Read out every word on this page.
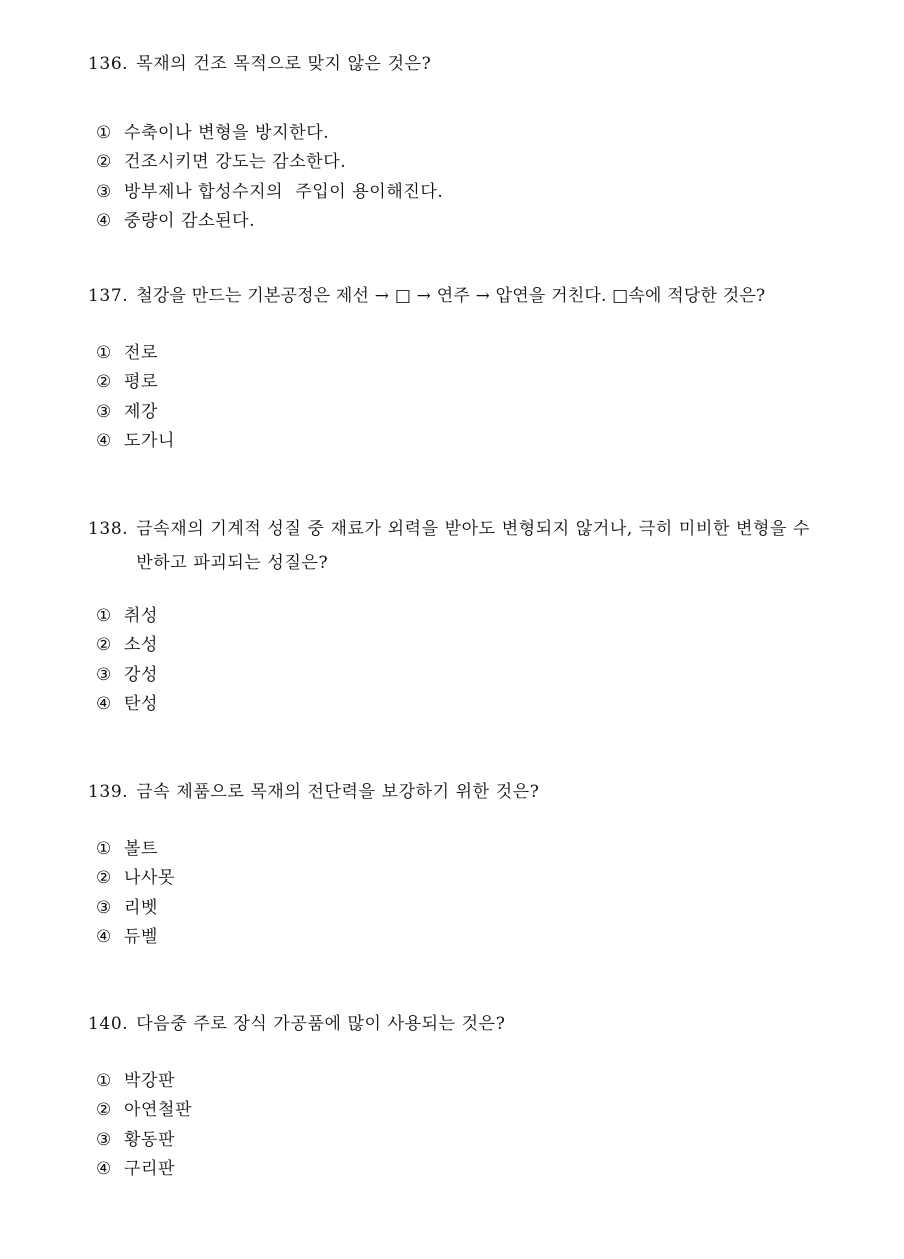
136. 목재의 건조 목적으로 맞지 않은 것은?
① 수축이나 변형을 방지한다.
② 건조시키면 강도는 감소한다.
③ 방부제나 합성수지의  주입이 용이해진다.
④ 중량이 감소된다.
137. 철강을 만드는 기본공정은 제선 → □ → 연주 → 압연을 거친다. □속에 적당한 것은?
① 전로
② 평로
③ 제강
④ 도가니
138. 금속재의 기계적 성질 중 재료가 외력을 받아도 변형되지 않거나, 극히 미비한 변형을 수반하고 파괴되는 성질은?
① 취성
② 소성
③ 강성
④ 탄성
139. 금속 제품으로 목재의 전단력을 보강하기 위한 것은?
① 볼트
② 나사못
③ 리벳
④ 듀벨
140. 다음중 주로 장식 가공품에 많이 사용되는 것은?
① 박강판
② 아연철판
③ 황동판
④ 구리판
